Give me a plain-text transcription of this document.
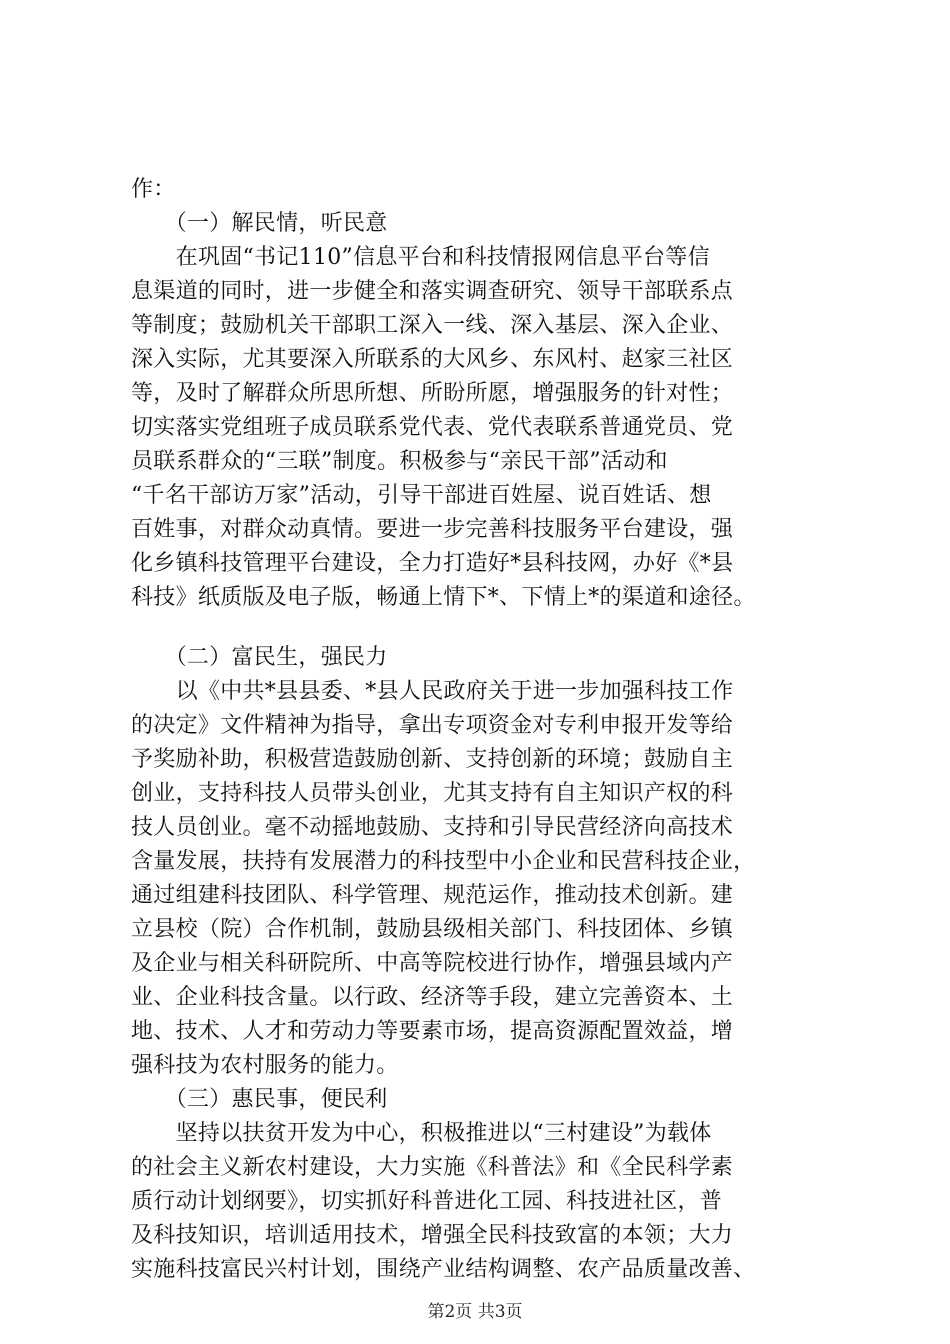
作：
　　（一）解民情，听民意
　　在巩固“书记110”信息平台和科技情报网信息平台等信
息渠道的同时，进一步健全和落实调查研究、领导干部联系点
等制度；鼓励机关干部职工深入一线、深入基层、深入企业、
深入实际，尤其要深入所联系的大风乡、东风村、赵家三社区
等，及时了解群众所思所想、所盼所愿，增强服务的针对性；
切实落实党组班子成员联系党代表、党代表联系普通党员、党
员联系群众的“三联”制度。积极参与“亲民干部”活动和
“千名干部访万家”活动，引导干部进百姓屋、说百姓话、想
百姓事，对群众动真情。要进一步完善科技服务平台建设，强
化乡镇科技管理平台建设，全力打造好*县科技网，办好《*县
科技》纸质版及电子版，畅通上情下*、下情上*的渠道和途径。
　　（二）富民生，强民力
　　以《中共*县县委、*县人民政府关于进一步加强科技工作
的决定》文件精神为指导，拿出专项资金对专利申报开发等给
予奖励补助，积极营造鼓励创新、支持创新的环境；鼓励自主
创业，支持科技人员带头创业，尤其支持有自主知识产权的科
技人员创业。毫不动摇地鼓励、支持和引导民营经济向高技术
含量发展，扶持有发展潜力的科技型中小企业和民营科技企业，
通过组建科技团队、科学管理、规范运作，推动技术创新。建
立县校（院）合作机制，鼓励县级相关部门、科技团体、乡镇
及企业与相关科研院所、中高等院校进行协作，增强县域内产
业、企业科技含量。以行政、经济等手段，建立完善资本、土
地、技术、人才和劳动力等要素市场，提高资源配置效益，增
强科技为农村服务的能力。
　　（三）惠民事，便民利
　　坚持以扶贫开发为中心，积极推进以“三村建设”为载体
的社会主义新农村建设，大力实施《科普法》和《全民科学素
质行动计划纲要》，切实抓好科普进化工园、科技进社区，普
及科技知识，培训适用技术，增强全民科技致富的本领；大力
实施科技富民兴村计划，围绕产业结构调整、农产品质量改善、
第2页 共3页
